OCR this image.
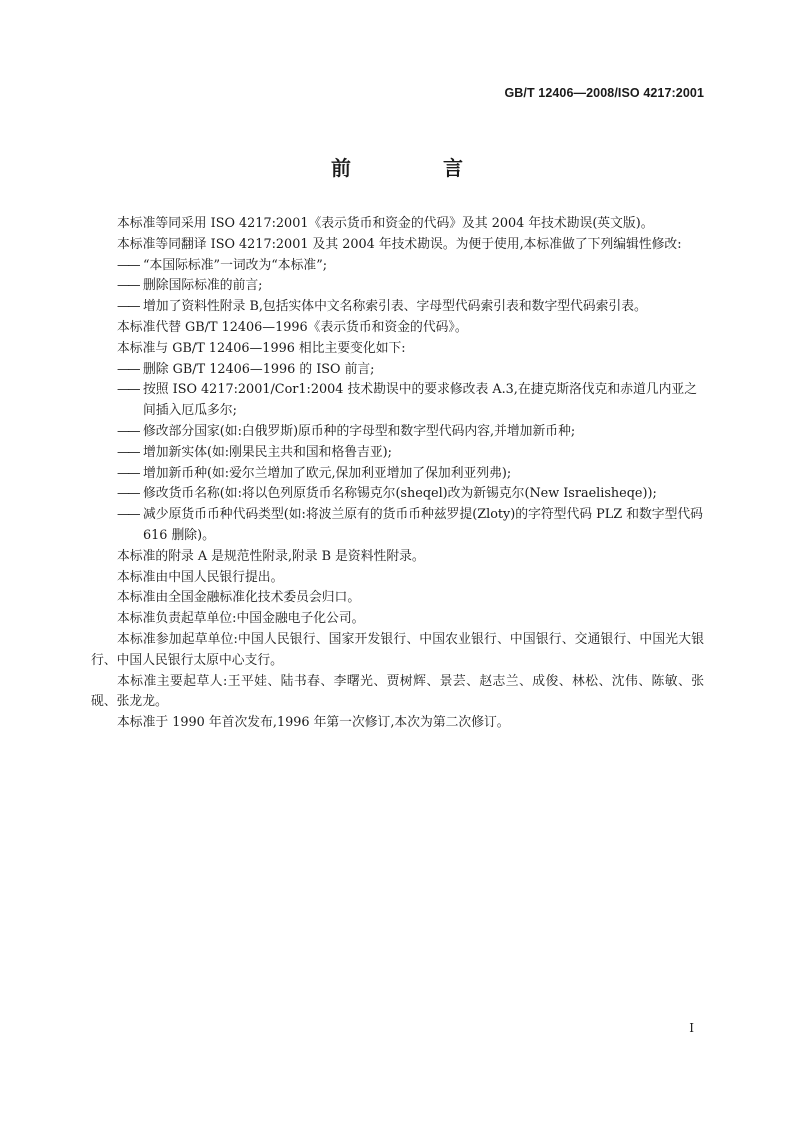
GB/T 12406—2008/ISO 4217:2001
前　言
本标准等同采用 ISO 4217:2001《表示货币和资金的代码》及其 2004 年技术勘误(英文版)。
本标准等同翻译 ISO 4217:2001 及其 2004 年技术勘误。为便于使用,本标准做了下列编辑性修改:
—— “本国际标准”一词改为“本标准”;
—— 删除国际标准的前言;
—— 增加了资料性附录 B,包括实体中文名称索引表、字母型代码索引表和数字型代码索引表。
本标准代替 GB/T 12406—1996《表示货币和资金的代码》。
本标准与 GB/T 12406—1996 相比主要变化如下:
—— 删除 GB/T 12406—1996 的 ISO 前言;
—— 按照 ISO 4217:2001/Cor1:2004 技术勘误中的要求修改表 A.3,在捷克斯洛伐克和赤道几内亚之间插入厄瓜多尔;
—— 修改部分国家(如:白俄罗斯)原币种的字母型和数字型代码内容,并增加新币种;
—— 增加新实体(如:刚果民主共和国和格鲁吉亚);
—— 增加新币种(如:爱尔兰增加了欧元,保加利亚增加了保加利亚列弗);
—— 修改货币名称(如:将以色列原货币名称锡克尔(sheqel)改为新锡克尔(New Israelisheqe));
—— 减少原货币币种代码类型(如:将波兰原有的货币币种兹罗提(Zloty)的字符型代码 PLZ 和数字型代码 616 删除)。
本标准的附录 A 是规范性附录,附录 B 是资料性附录。
本标准由中国人民银行提出。
本标准由全国金融标准化技术委员会归口。
本标准负责起草单位:中国金融电子化公司。
本标准参加起草单位:中国人民银行、国家开发银行、中国农业银行、中国银行、交通银行、中国光大银行、中国人民银行太原中心支行。
本标准主要起草人:王平娃、陆书春、李曙光、贾树辉、景芸、赵志兰、成俊、林松、沈伟、陈敏、张砚、张龙龙。
本标准于 1990 年首次发布,1996 年第一次修订,本次为第二次修订。
I
